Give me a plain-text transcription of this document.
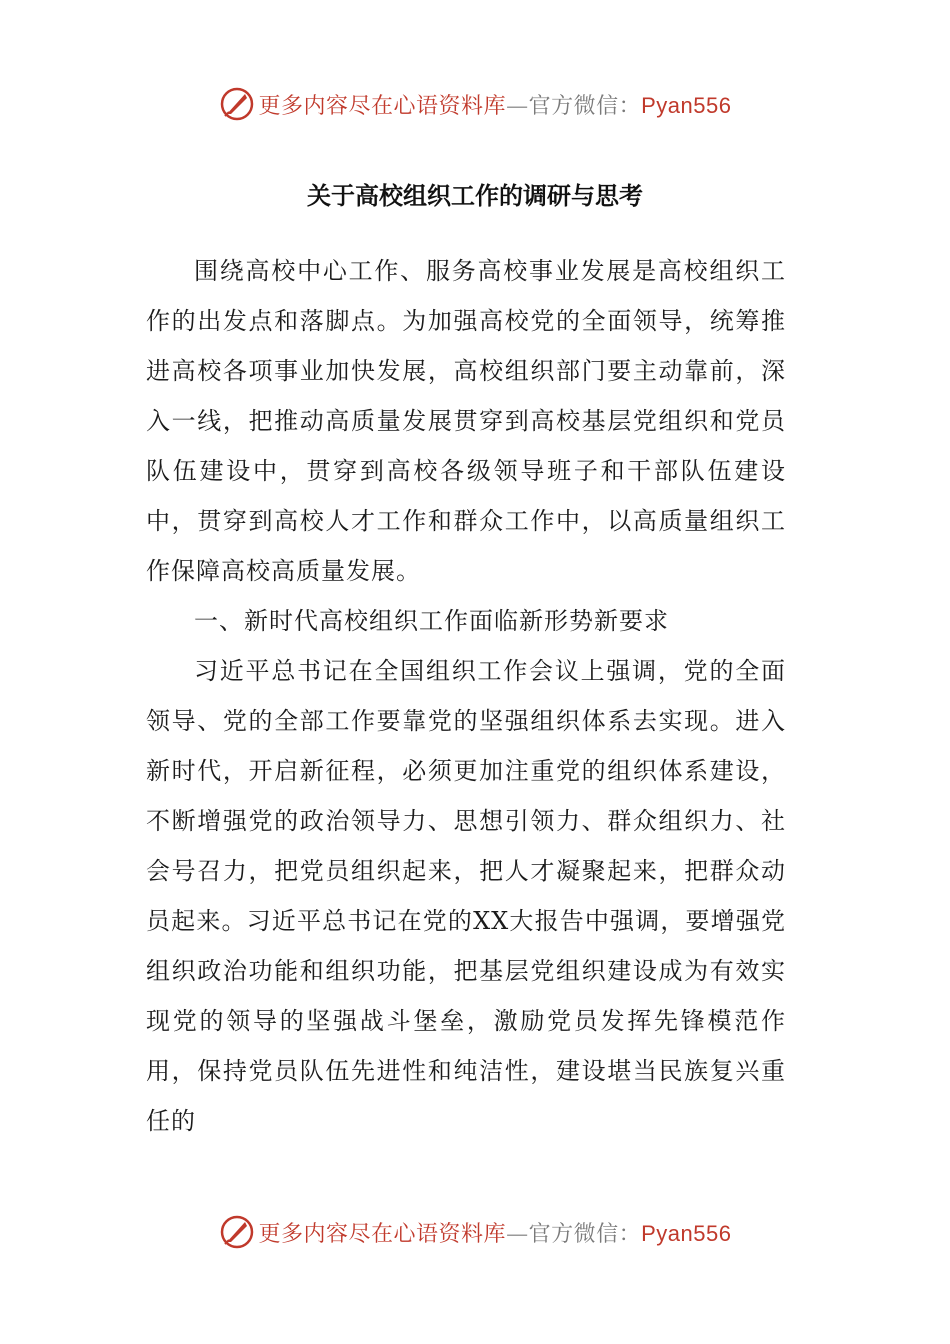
更多内容尽在心语资料库—官方微信：Pyan556
关于高校组织工作的调研与思考

围绕高校中心工作、服务高校事业发展是高校组织工作的出发点和落脚点。为加强高校党的全面领导，统筹推进高校各项事业加快发展，高校组织部门要主动靠前，深入一线，把推动高质量发展贯穿到高校基层党组织和党员队伍建设中，贯穿到高校各级领导班子和干部队伍建设中，贯穿到高校人才工作和群众工作中，以高质量组织工作保障高校高质量发展。

一、新时代高校组织工作面临新形势新要求

习近平总书记在全国组织工作会议上强调，党的全面领导、党的全部工作要靠党的坚强组织体系去实现。进入新时代，开启新征程，必须更加注重党的组织体系建设，不断增强党的政治领导力、思想引领力、群众组织力、社会号召力，把党员组织起来，把人才凝聚起来，把群众动员起来。习近平总书记在党的XX大报告中强调，要增强党组织政治功能和组织功能，把基层党组织建设成为有效实现党的领导的坚强战斗堡垒，激励党员发挥先锋模范作用，保持党员队伍先进性和纯洁性，建设堪当民族复兴重任的

更多内容尽在心语资料库—官方微信：Pyan556
